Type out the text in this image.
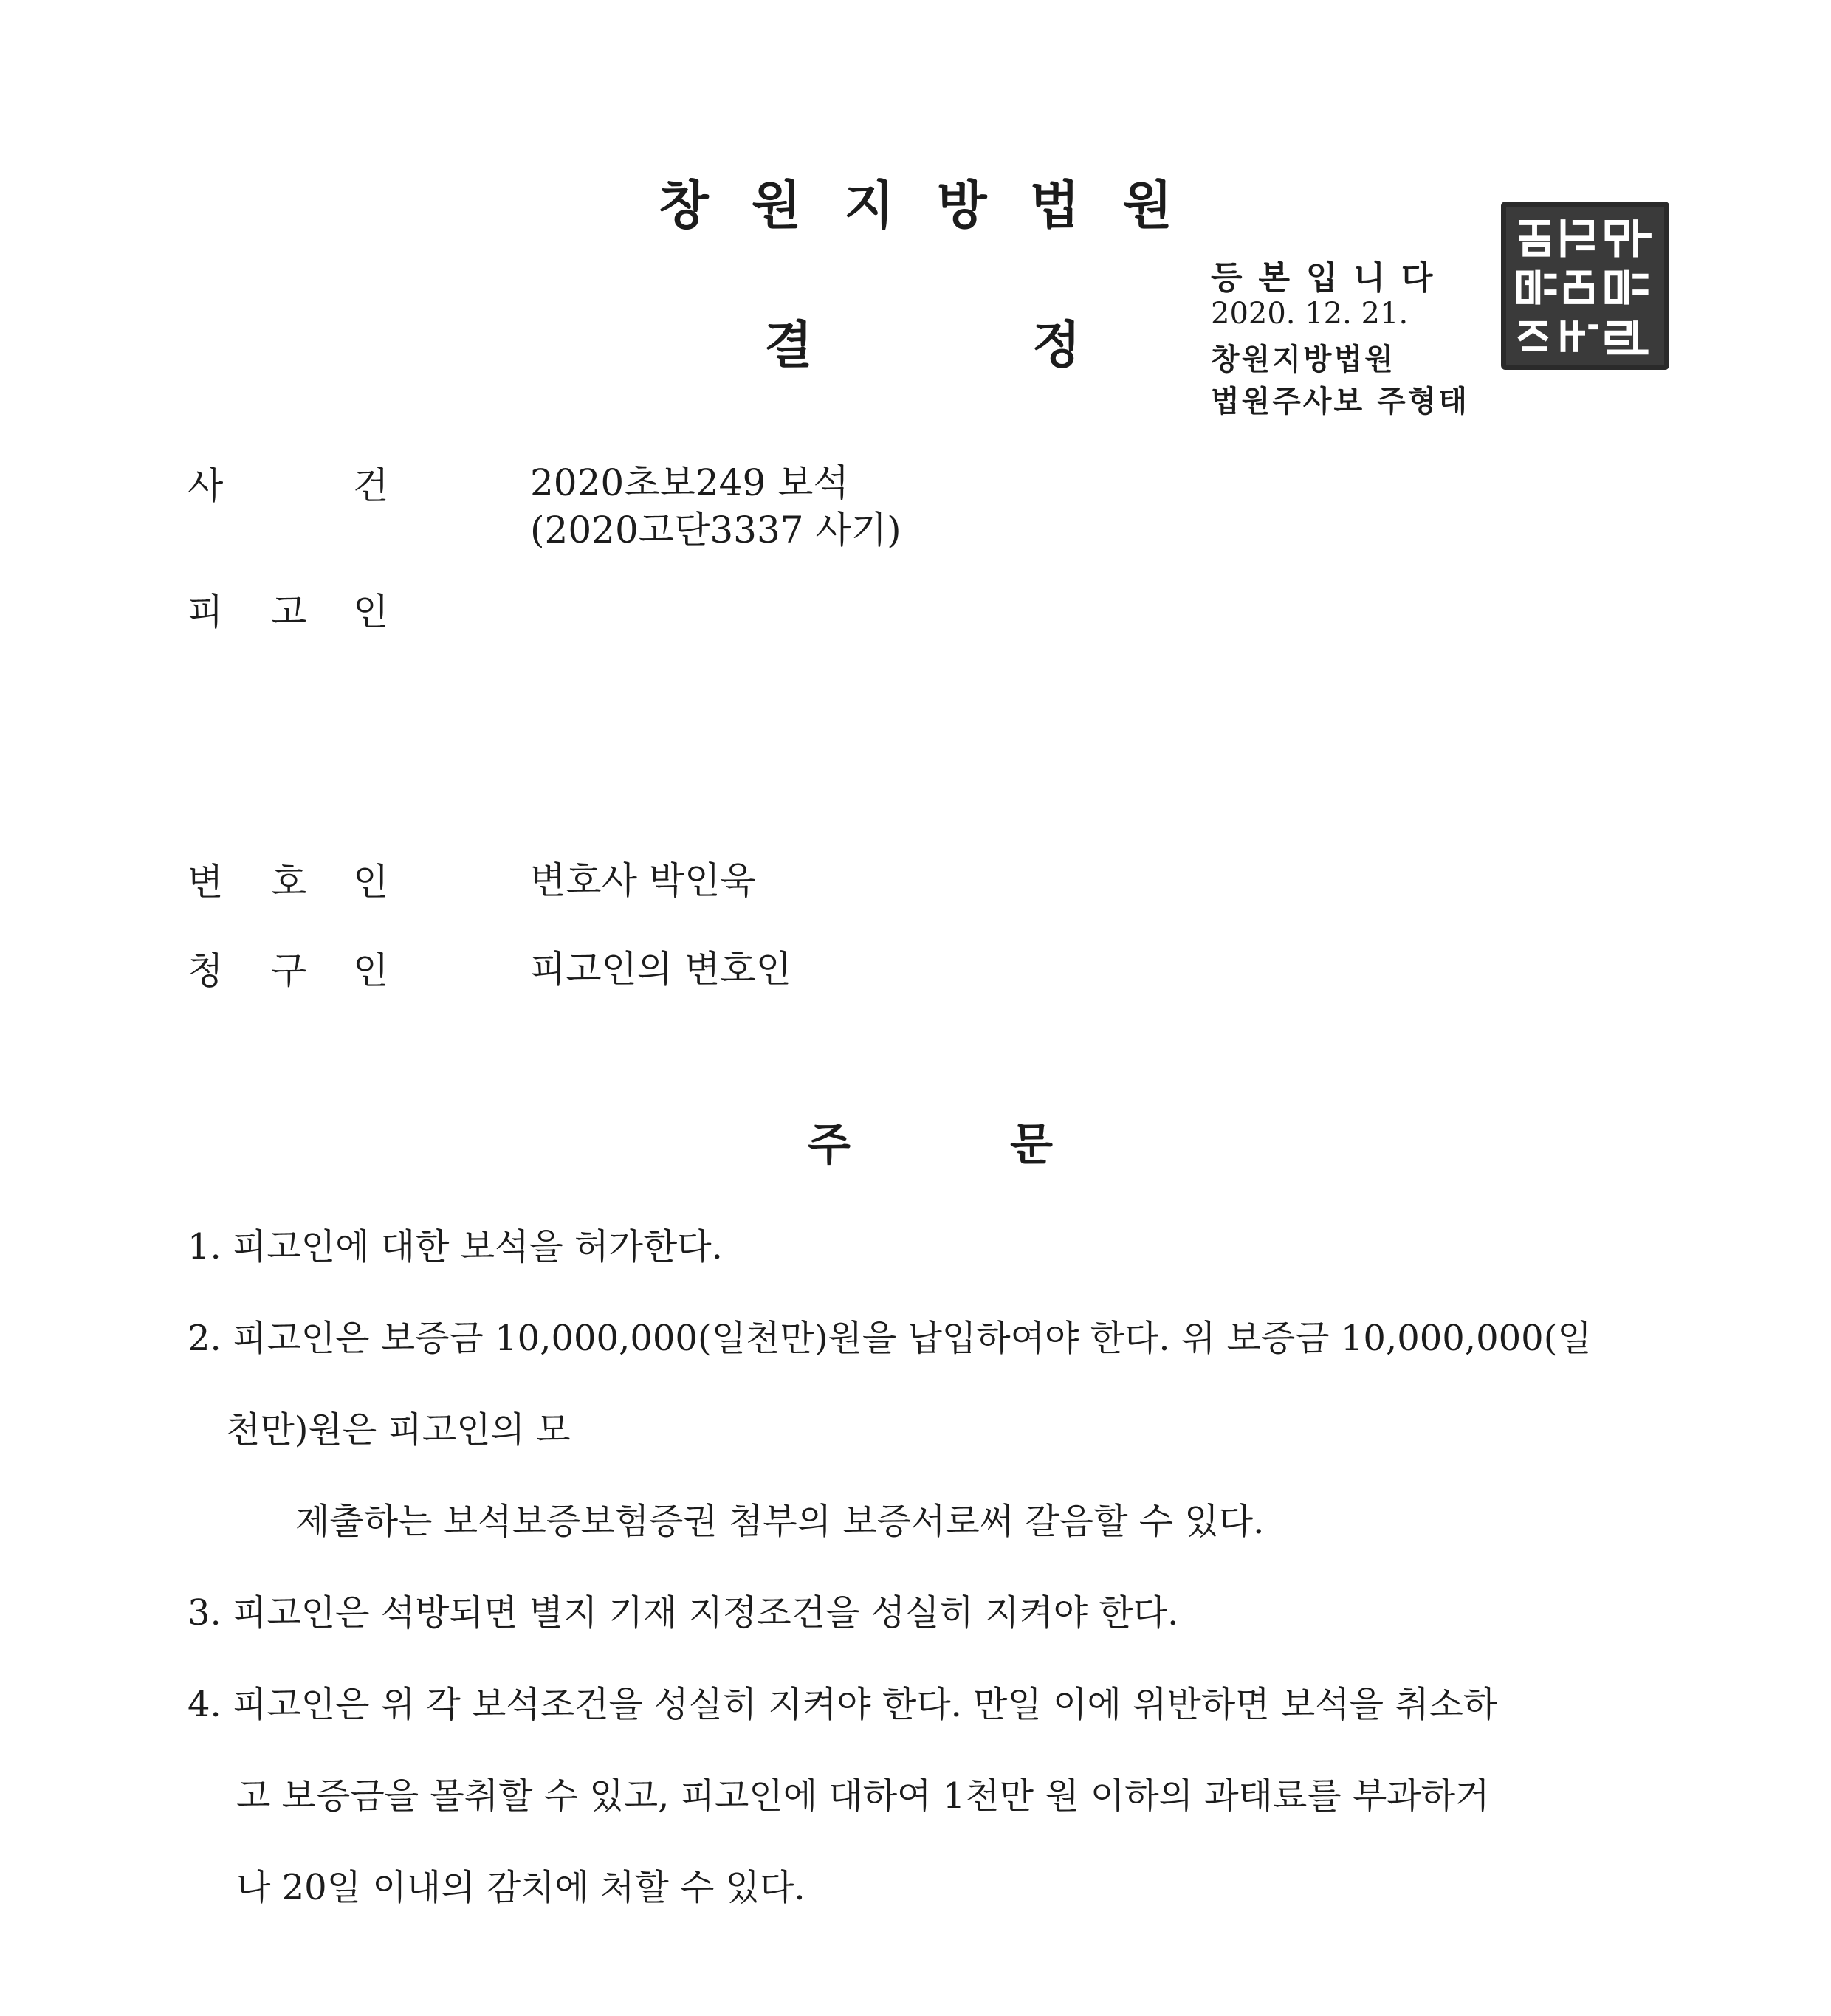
창원지방법원
결	정
등본입니다
2020. 12. 21.
창원지방법원
법원주사보 주형태
사	건	2020초보249 보석
(2020고단3337 사기)
피 고 인
변 호 인	변호사 박인욱
청 구 인	피고인의 변호인
주	문
1. 피고인에 대한 보석을 허가한다.
2. 피고인은 보증금 10,000,000(일천만)원을 납입하여야 한다. 위 보증금 10,000,000(일
천만)원은 피고인의 모
제출하는 보석보증보험증권 첨부의 보증서로써 갈음할 수 있다.
3. 피고인은 석방되면 별지 기재 지정조건을 성실히 지켜야 한다.
4. 피고인은 위 각 보석조건을 성실히 지켜야 한다. 만일 이에 위반하면 보석을 취소하
고 보증금을 몰취할 수 있고, 피고인에 대하여 1천만 원 이하의 과태료를 부과하거
나 20일 이내의 감치에 처할 수 있다.
